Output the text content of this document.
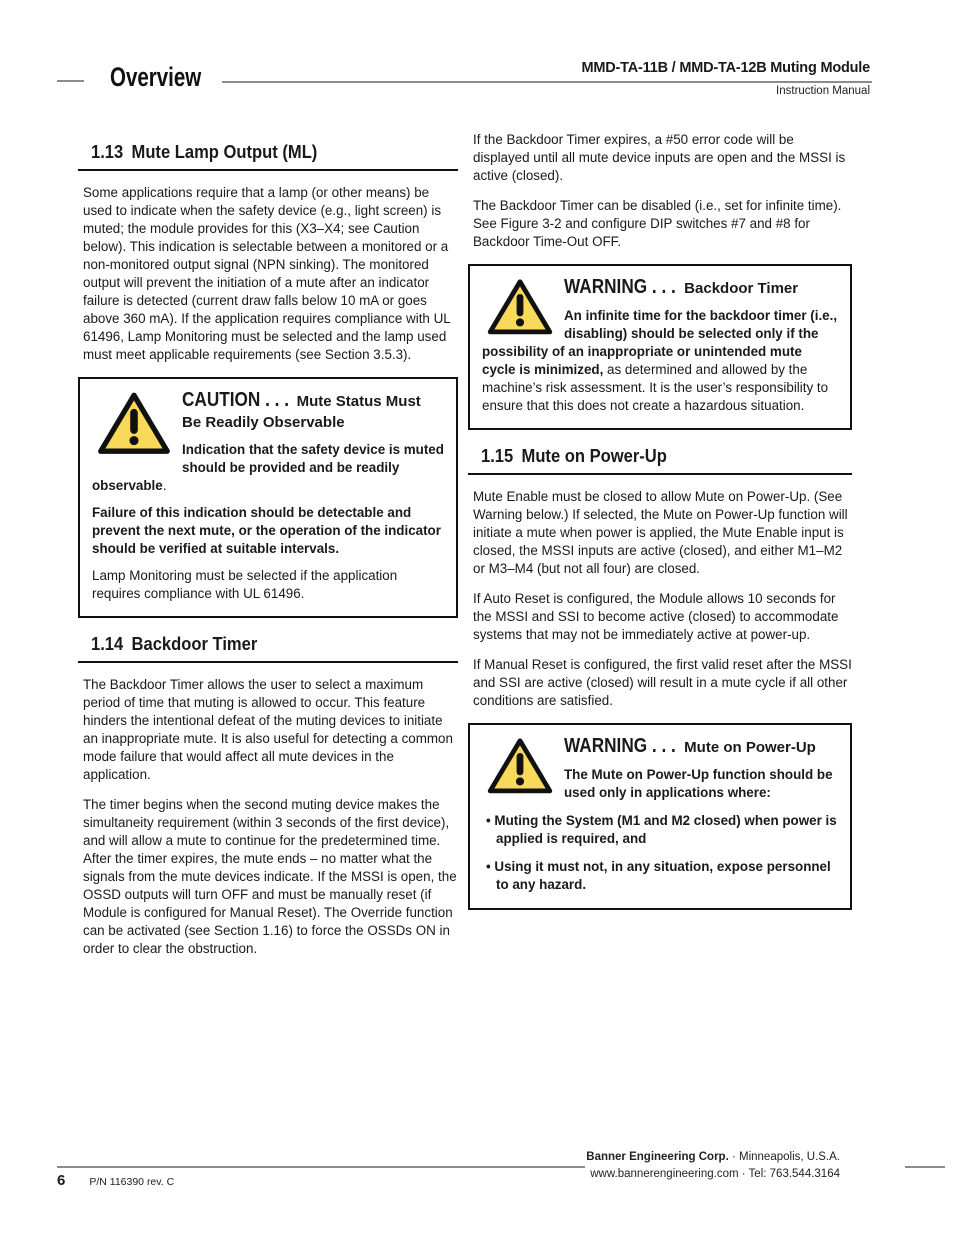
Overview	MMD-TA-11B / MMD-TA-12B Muting Module
Instruction Manual
1.13 Mute Lamp Output (ML)

Some applications require that a lamp (or other means) be used to indicate when the safety device (e.g., light screen) is muted; the module provides for this (X3–X4; see Caution below). This indication is selectable between a monitored or a non-monitored output signal (NPN sinking). The monitored output will prevent the initiation of a mute after an indicator failure is detected (current draw falls below 10 mA or goes above 360 mA). If the application requires compliance with UL 61496, Lamp Monitoring must be selected and the lamp used must meet applicable requirements (see Section 3.5.3).

CAUTION . . . Mute Status Must Be Readily Observable

Indication that the safety device is muted should be provided and be readily observable.

Failure of this indication should be detectable and prevent the next mute, or the operation of the indicator should be verified at suitable intervals.

Lamp Monitoring must be selected if the application requires compliance with UL 61496.

1.14 Backdoor Timer

The Backdoor Timer allows the user to select a maximum period of time that muting is allowed to occur. This feature hinders the intentional defeat of the muting devices to initiate an inappropriate mute. It is also useful for detecting a common mode failure that would affect all mute devices in the application.

The timer begins when the second muting device makes the simultaneity requirement (within 3 seconds of the first device), and will allow a mute to continue for the predetermined time. After the timer expires, the mute ends – no matter what the signals from the mute devices indicate. If the MSSI is open, the OSSD outputs will turn OFF and must be manually reset (if Module is configured for Manual Reset). The Override function can be activated (see Section 1.16) to force the OSSDs ON in order to clear the obstruction.

If the Backdoor Timer expires, a #50 error code will be displayed until all mute device inputs are open and the MSSI is active (closed).

The Backdoor Timer can be disabled (i.e., set for infinite time). See Figure 3-2 and configure DIP switches #7 and #8 for Backdoor Time-Out OFF.

WARNING . . . Backdoor Timer

An infinite time for the backdoor timer (i.e., disabling) should be selected only if the possibility of an inappropriate or unintended mute cycle is minimized, as determined and allowed by the machine’s risk assessment. It is the user’s responsibility to ensure that this does not create a hazardous situation.

1.15 Mute on Power-Up

Mute Enable must be closed to allow Mute on Power-Up. (See Warning below.) If selected, the Mute on Power-Up function will initiate a mute when power is applied, the Mute Enable input is closed, the MSSI inputs are active (closed), and either M1–M2 or M3–M4 (but not all four) are closed.

If Auto Reset is configured, the Module allows 10 seconds for the MSSI and SSI to become active (closed) to accommodate systems that may not be immediately active at power-up.

If Manual Reset is configured, the first valid reset after the MSSI and SSI are active (closed) will result in a mute cycle if all other conditions are satisfied.

WARNING . . . Mute on Power-Up

The Mute on Power-Up function should be used only in applications where:

• Muting the System (M1 and M2 closed) when power is applied is required, and
• Using it must not, in any situation, expose personnel to any hazard.
6 P/N 116390 rev. C
Banner Engineering Corp. · Minneapolis, U.S.A.
www.bannerengineering.com · Tel: 763.544.3164
